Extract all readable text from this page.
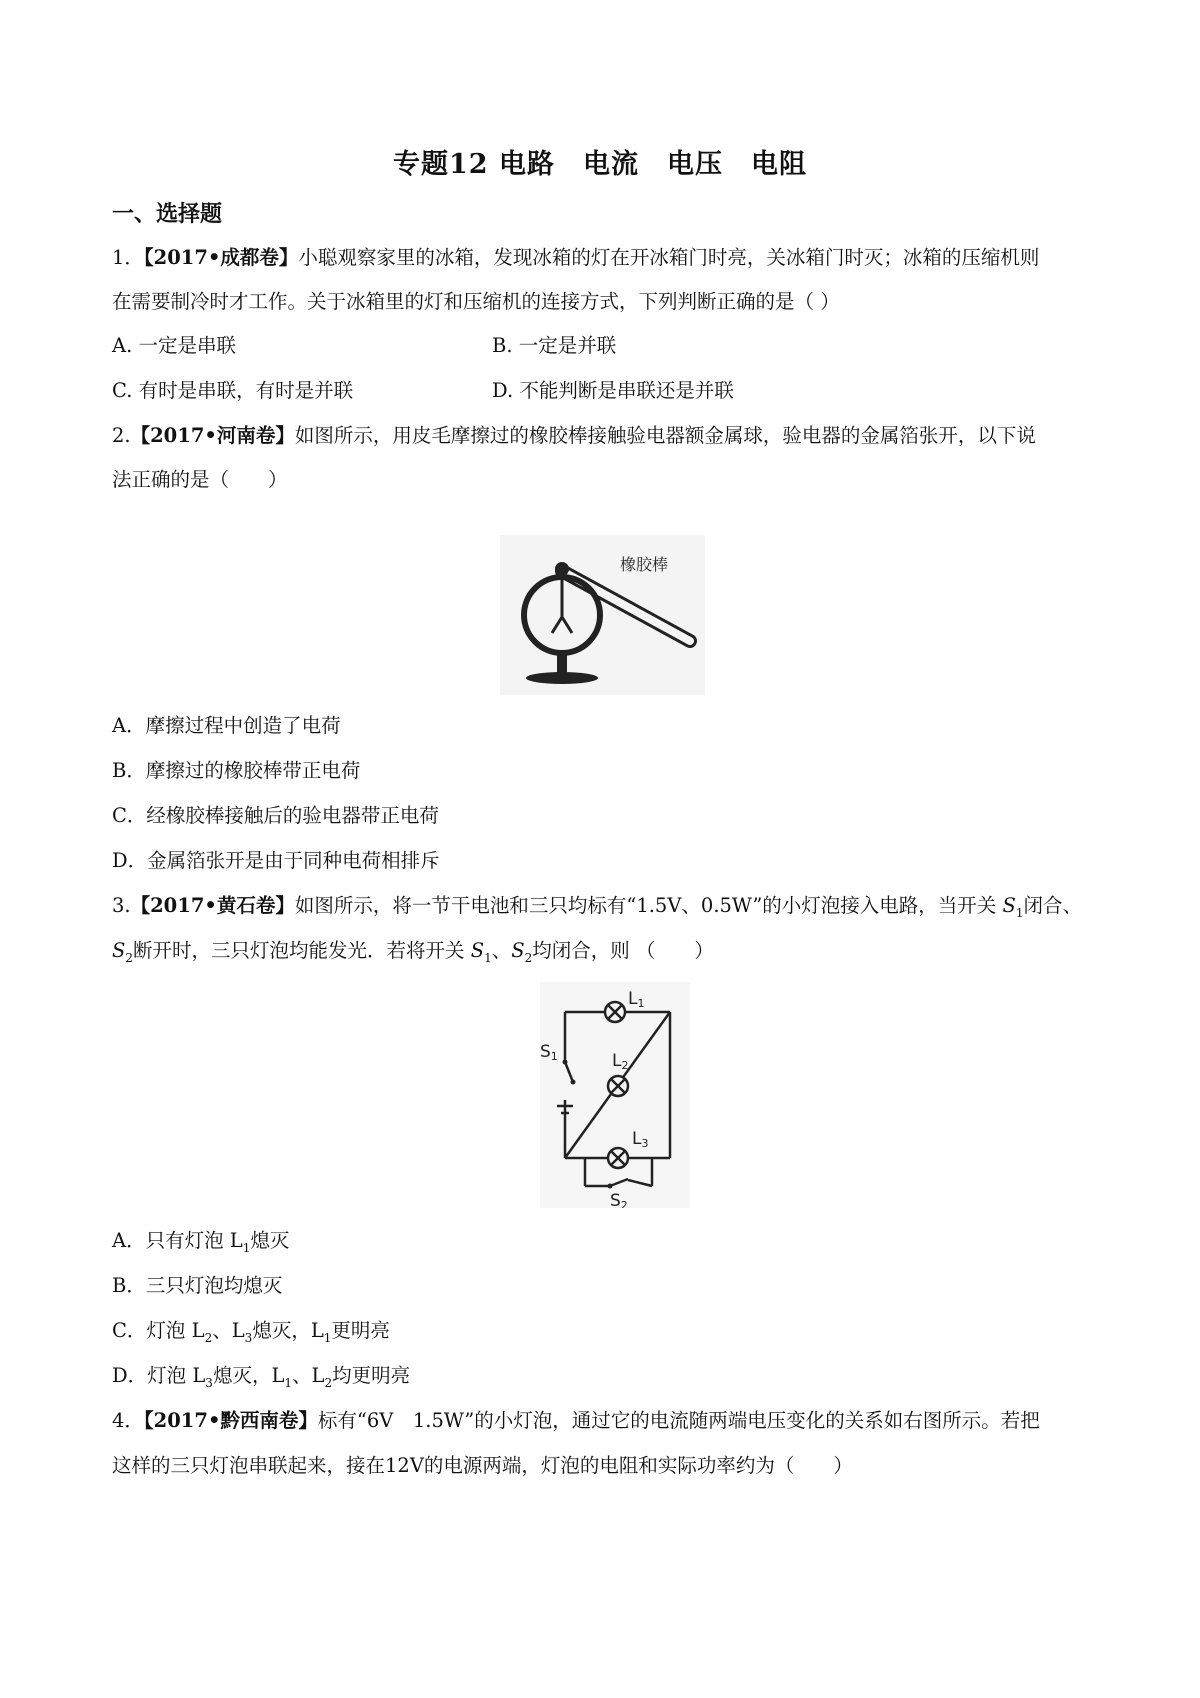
专题12 电路　电流　电压　电阻
一、选择题
1．【2017•成都卷】小聪观察家里的冰箱，发现冰箱的灯在开冰箱门时亮，关冰箱门时灭；冰箱的压缩机则
在需要制冷时才工作。关于冰箱里的灯和压缩机的连接方式，下列判断正确的是（ ）
A. 一定是串联	B. 一定是并联
C. 有时是串联，有时是并联	D. 不能判断是串联还是并联
2.【2017•河南卷】如图所示，用皮毛摩擦过的橡胶棒接触验电器额金属球，验电器的金属箔张开，以下说
法正确的是（　　）
橡胶棒
A．摩擦过程中创造了电荷
B．摩擦过的橡胶棒带正电荷
C．经橡胶棒接触后的验电器带正电荷
D．金属箔张开是由于同种电荷相排斥
3.【2017•黄石卷】如图所示，将一节干电池和三只均标有“1.5V、0.5W”的小灯泡接入电路，当开关 $S_1$闭合、
$S_2$断开时，三只灯泡均能发光．若将开关 $S_1$、$S_2$均闭合，则 （　　）
L1
L2
L3
S1
S2
A．只有灯泡 $L_1$熄灭
B．三只灯泡均熄灭
C．灯泡 $L_2$、$L_3$熄灭，$L_1$更明亮
D．灯泡 $L_3$熄灭，$L_1$、$L_2$均更明亮
4．【2017•黔西南卷】标有“6V　1.5W”的小灯泡，通过它的电流随两端电压变化的关系如右图所示。若把
这样的三只灯泡串联起来，接在12V的电源两端，灯泡的电阻和实际功率约为（　　）
